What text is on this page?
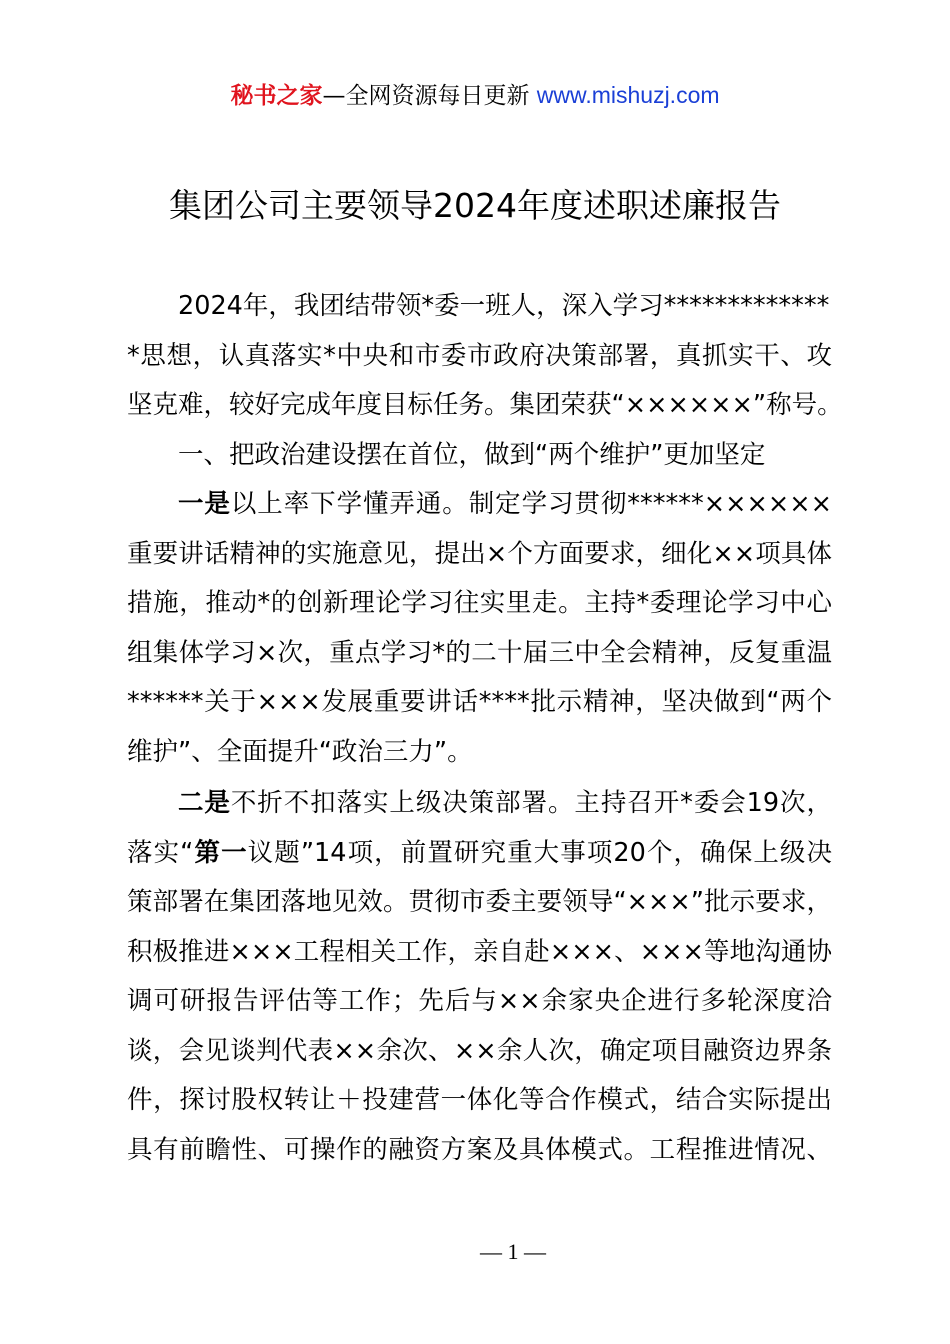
秘书之家—全网资源每日更新 www.mishuzj.com
集团公司主要领导2024年度述职述廉报告
2024年，我团结带领*委一班人，深入学习*************
*思想，认真落实*中央和市委市政府决策部署，真抓实干、攻
坚克难，较好完成年度目标任务。集团荣获“××××××”称号。
一、把政治建设摆在首位，做到“两个维护”更加坚定
一是以上率下学懂弄通。制定学习贯彻******××××××
重要讲话精神的实施意见，提出×个方面要求，细化××项具体
措施，推动*的创新理论学习往实里走。主持*委理论学习中心
组集体学习×次，重点学习*的二十届三中全会精神，反复重温
******关于×××发展重要讲话****批示精神，坚决做到“两个
维护”、全面提升“政治三力”。
二是不折不扣落实上级决策部署。主持召开*委会19次，
落实“第一议题”14项，前置研究重大事项20个，确保上级决
策部署在集团落地见效。贯彻市委主要领导“×××”批示要求，
积极推进×××工程相关工作，亲自赴×××、×××等地沟通协
调可研报告评估等工作；先后与××余家央企进行多轮深度洽
谈，会见谈判代表××余次、××余人次，确定项目融资边界条
件，探讨股权转让＋投建营一体化等合作模式，结合实际提出
具有前瞻性、可操作的融资方案及具体模式。工程推进情况、
— 1 —
